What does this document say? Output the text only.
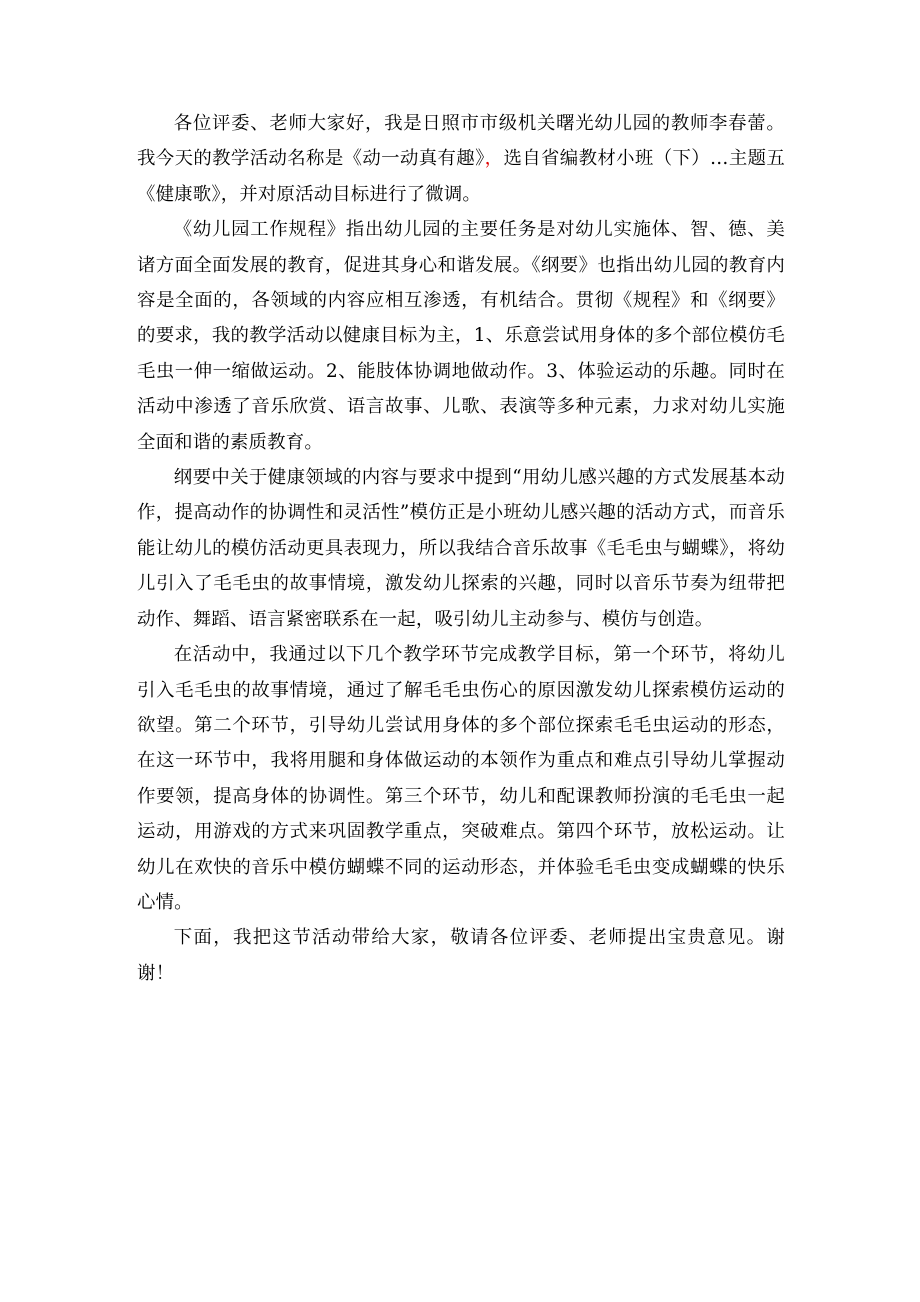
各位评委、老师大家好，我是日照市市级机关曙光幼儿园的教师李春蕾。我今天的教学活动名称是《动一动真有趣》，选自省编教材小班（下）…主题五《健康歌》，并对原活动目标进行了微调。

《幼儿园工作规程》指出幼儿园的主要任务是对幼儿实施体、智、德、美诸方面全面发展的教育，促进其身心和谐发展。《纲要》也指出幼儿园的教育内容是全面的，各领域的内容应相互渗透，有机结合。贯彻《规程》和《纲要》的要求，我的教学活动以健康目标为主，1、乐意尝试用身体的多个部位模仿毛毛虫一伸一缩做运动。2、能肢体协调地做动作。3、体验运动的乐趣。同时在活动中渗透了音乐欣赏、语言故事、儿歌、表演等多种元素，力求对幼儿实施全面和谐的素质教育。

纲要中关于健康领域的内容与要求中提到“用幼儿感兴趣的方式发展基本动作，提高动作的协调性和灵活性”模仿正是小班幼儿感兴趣的活动方式，而音乐能让幼儿的模仿活动更具表现力，所以我结合音乐故事《毛毛虫与蝴蝶》，将幼儿引入了毛毛虫的故事情境，激发幼儿探索的兴趣，同时以音乐节奏为纽带把动作、舞蹈、语言紧密联系在一起，吸引幼儿主动参与、模仿与创造。

在活动中，我通过以下几个教学环节完成教学目标，第一个环节，将幼儿引入毛毛虫的故事情境，通过了解毛毛虫伤心的原因激发幼儿探索模仿运动的欲望。第二个环节，引导幼儿尝试用身体的多个部位探索毛毛虫运动的形态，在这一环节中，我将用腿和身体做运动的本领作为重点和难点引导幼儿掌握动作要领，提高身体的协调性。第三个环节，幼儿和配课教师扮演的毛毛虫一起运动，用游戏的方式来巩固教学重点，突破难点。第四个环节，放松运动。让幼儿在欢快的音乐中模仿蝴蝶不同的运动形态，并体验毛毛虫变成蝴蝶的快乐心情。

下面，我把这节活动带给大家，敬请各位评委、老师提出宝贵意见。谢谢！
